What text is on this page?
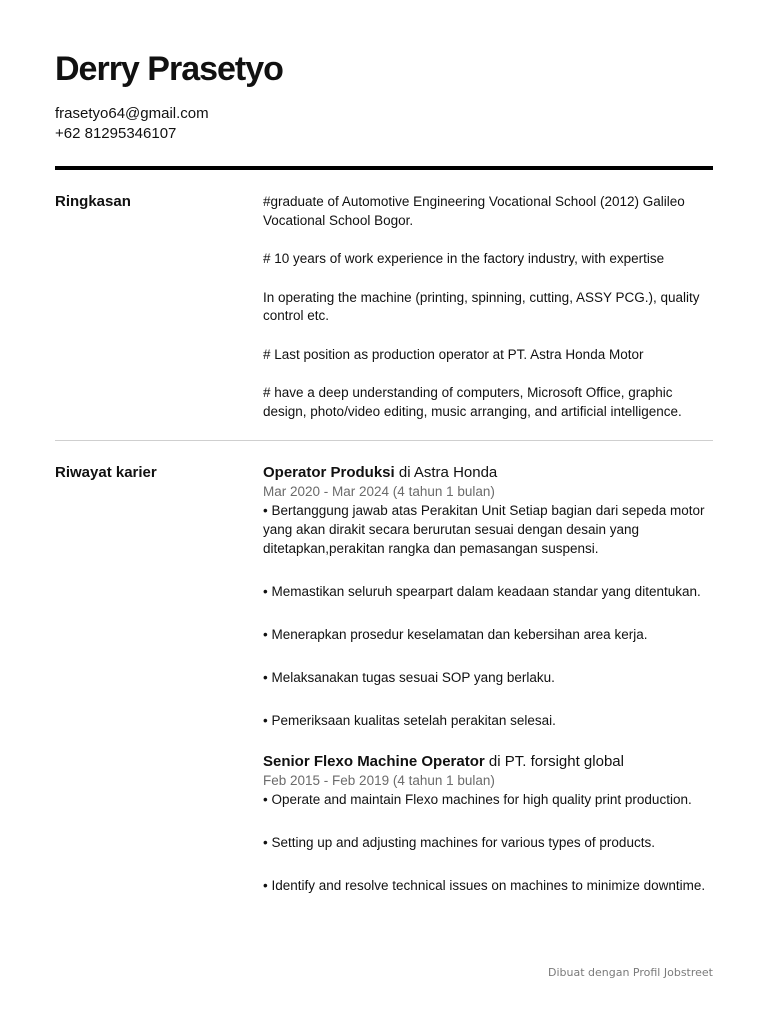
Derry Prasetyo
frasetyo64@gmail.com
+62 81295346107
Ringkasan	#graduate of Automotive Engineering Vocational School (2012) Galileo Vocational School Bogor.

# 10 years of work experience in the factory industry, with expertise

In operating the machine (printing, spinning, cutting, ASSY PCG.), quality control etc.

# Last position as production operator at PT. Astra Honda Motor

# have a deep understanding of computers, Microsoft Office, graphic design, photo/video editing, music arranging, and artificial intelligence.

Riwayat karier	Operator Produksi di Astra Honda
Mar 2020 - Mar 2024 (4 tahun 1 bulan)

• Bertanggung jawab atas Perakitan Unit Setiap bagian dari sepeda motor yang akan dirakit secara berurutan sesuai dengan desain yang ditetapkan,perakitan rangka dan pemasangan suspensi.

• Memastikan seluruh spearpart dalam keadaan standar yang ditentukan.

• Menerapkan prosedur keselamatan dan kebersihan area kerja.

• Melaksanakan tugas sesuai SOP yang berlaku.

• Pemeriksaan kualitas setelah perakitan selesai.

Senior Flexo Machine Operator di PT. forsight global
Feb 2015 - Feb 2019 (4 tahun 1 bulan)

• Operate and maintain Flexo machines for high quality print production.

• Setting up and adjusting machines for various types of products.

• Identify and resolve technical issues on machines to minimize downtime.

Dibuat dengan Profil Jobstreet
